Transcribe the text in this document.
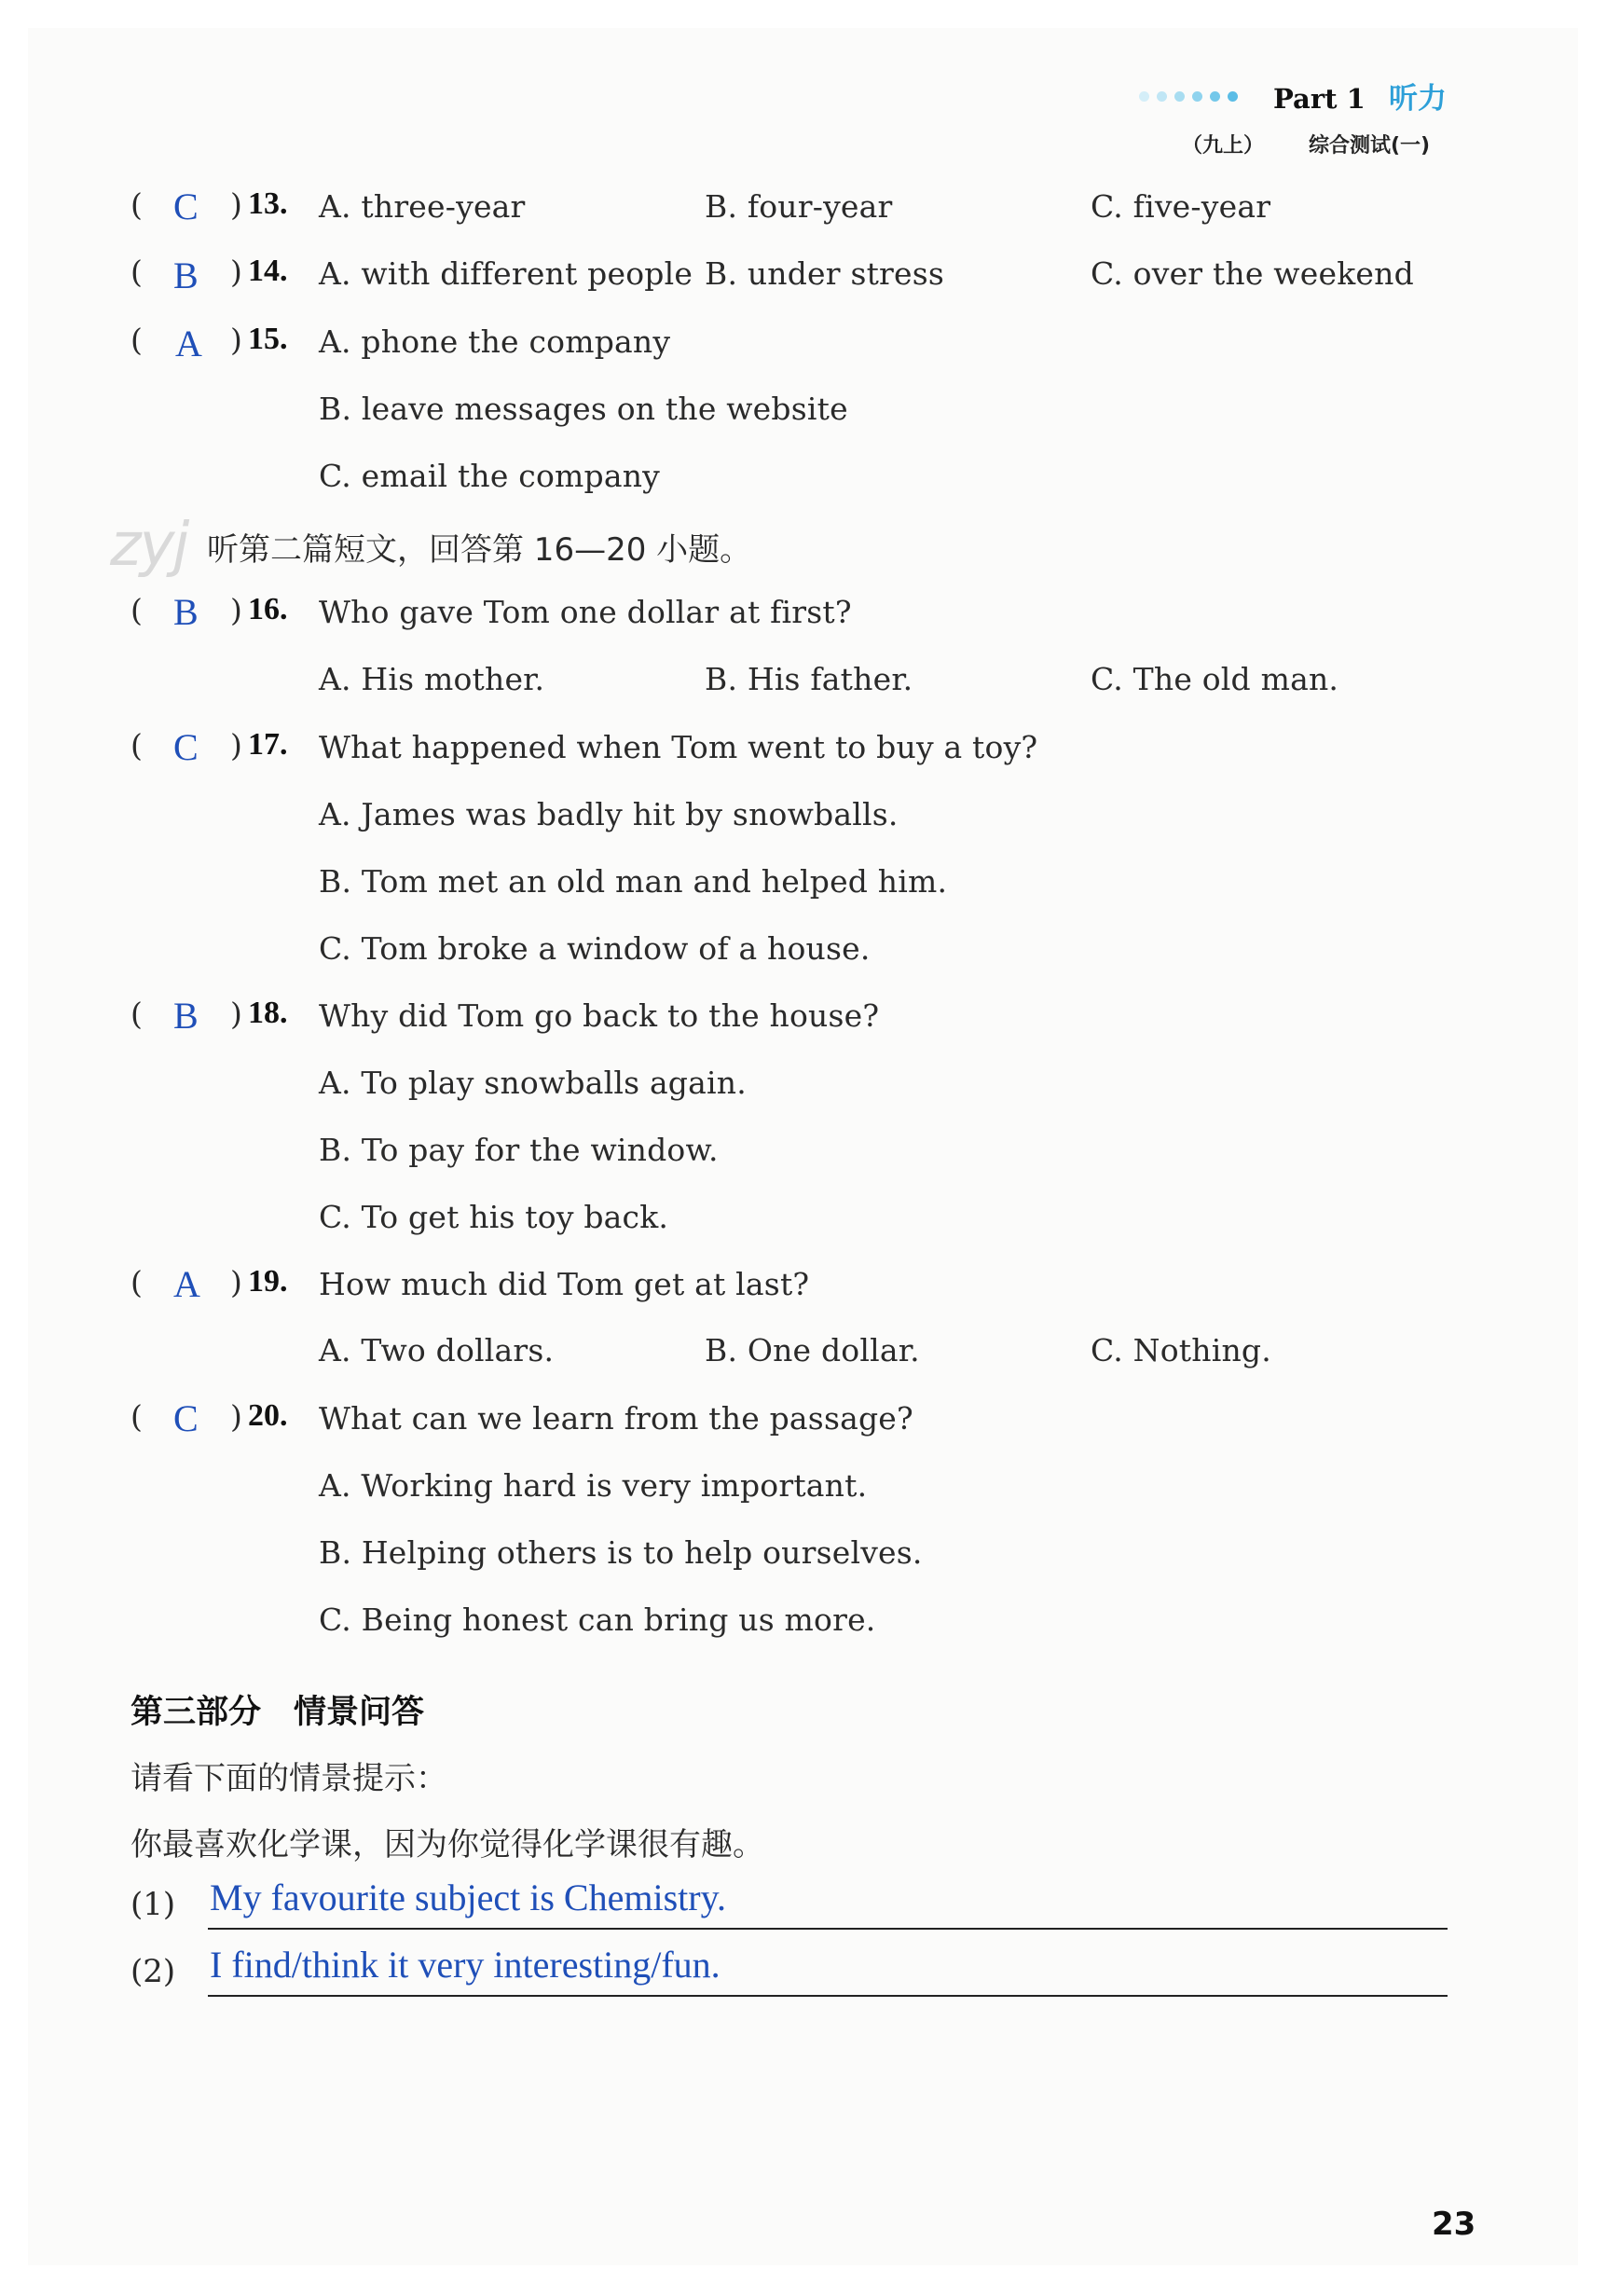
Part 1 听力
（九上） 综合测试(一)
zyj
( C ) 13. A. three-year	B. four-year	C. five-year
( B ) 14. A. with different people B. under stress	C. over the weekend
( A ) 15. A. phone the company
B. leave messages on the website
C. email the company
听第二篇短文，回答第 16—20 小题。
( B ) 16. Who gave Tom one dollar at first?
A. His mother.	B. His father.	C. The old man.
( C ) 17. What happened when Tom went to buy a toy?
A. James was badly hit by snowballs.
B. Tom met an old man and helped him.
C. Tom broke a window of a house.
( B ) 18. Why did Tom go back to the house?
A. To play snowballs again.
B. To pay for the window.
C. To get his toy back.
( A ) 19. How much did Tom get at last?
A. Two dollars.	B. One dollar.	C. Nothing.
( C ) 20. What can we learn from the passage?
A. Working hard is very important.
B. Helping others is to help ourselves.
C. Being honest can bring us more.
第三部分　情景问答
请看下面的情景提示：
你最喜欢化学课，因为你觉得化学课很有趣。
(1) My favourite subject is Chemistry.
(2) I find/think it very interesting/fun.
23
